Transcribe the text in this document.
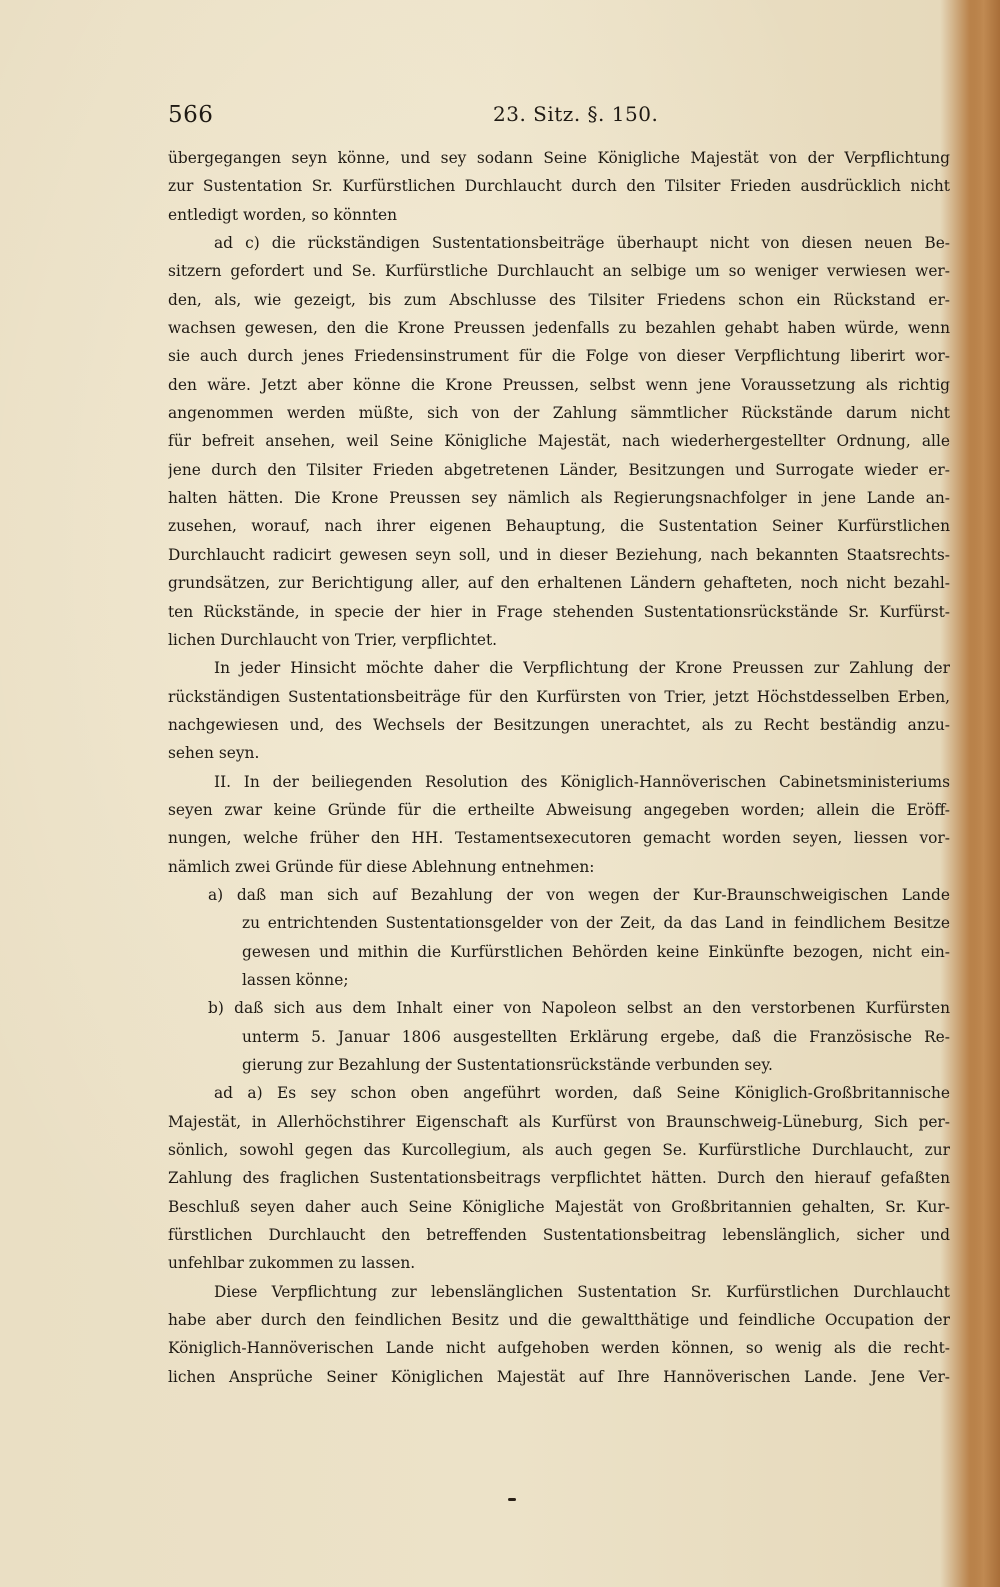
566	23. Sitz. §. 150.
übergegangen seyn könne, und sey sodann Seine Königliche Majestät von der Verpflichtung
zur Sustentation Sr. Kurfürstlichen Durchlaucht durch den Tilsiter Frieden ausdrücklich nicht
entledigt worden, so könnten
ad c) die rückständigen Sustentationsbeiträge überhaupt nicht von diesen neuen Be-
sitzern gefordert und Se. Kurfürstliche Durchlaucht an selbige um so weniger verwiesen wer-
den, als, wie gezeigt, bis zum Abschlusse des Tilsiter Friedens schon ein Rückstand er-
wachsen gewesen, den die Krone Preussen jedenfalls zu bezahlen gehabt haben würde, wenn
sie auch durch jenes Friedensinstrument für die Folge von dieser Verpflichtung liberirt wor-
den wäre. Jetzt aber könne die Krone Preussen, selbst wenn jene Voraussetzung als richtig
angenommen werden müßte, sich von der Zahlung sämmtlicher Rückstände darum nicht
für befreit ansehen, weil Seine Königliche Majestät, nach wiederhergestellter Ordnung, alle
jene durch den Tilsiter Frieden abgetretenen Länder, Besitzungen und Surrogate wieder er-
halten hätten. Die Krone Preussen sey nämlich als Regierungsnachfolger in jene Lande an-
zusehen, worauf, nach ihrer eigenen Behauptung, die Sustentation Seiner Kurfürstlichen
Durchlaucht radicirt gewesen seyn soll, und in dieser Beziehung, nach bekannten Staatsrechts-
grundsätzen, zur Berichtigung aller, auf den erhaltenen Ländern gehafteten, noch nicht bezahl-
ten Rückstände, in specie der hier in Frage stehenden Sustentationsrückstände Sr. Kurfürst-
lichen Durchlaucht von Trier, verpflichtet.
In jeder Hinsicht möchte daher die Verpflichtung der Krone Preussen zur Zahlung der
rückständigen Sustentationsbeiträge für den Kurfürsten von Trier, jetzt Höchstdesselben Erben,
nachgewiesen und, des Wechsels der Besitzungen unerachtet, als zu Recht beständig anzu-
sehen seyn.
II. In der beiliegenden Resolution des Königlich-Hannöverischen Cabinetsministeriums
seyen zwar keine Gründe für die ertheilte Abweisung angegeben worden; allein die Eröff-
nungen, welche früher den HH. Testamentsexecutoren gemacht worden seyen, liessen vor-
nämlich zwei Gründe für diese Ablehnung entnehmen:
a) daß man sich auf Bezahlung der von wegen der Kur-Braunschweigischen Lande
zu entrichtenden Sustentationsgelder von der Zeit, da das Land in feindlichem Besitze
gewesen und mithin die Kurfürstlichen Behörden keine Einkünfte bezogen, nicht ein-
lassen könne;
b) daß sich aus dem Inhalt einer von Napoleon selbst an den verstorbenen Kurfürsten
unterm 5. Januar 1806 ausgestellten Erklärung ergebe, daß die Französische Re-
gierung zur Bezahlung der Sustentationsrückstände verbunden sey.
ad a) Es sey schon oben angeführt worden, daß Seine Königlich-Großbritannische
Majestät, in Allerhöchstihrer Eigenschaft als Kurfürst von Braunschweig-Lüneburg, Sich per-
sönlich, sowohl gegen das Kurcollegium, als auch gegen Se. Kurfürstliche Durchlaucht, zur
Zahlung des fraglichen Sustentationsbeitrags verpflichtet hätten. Durch den hierauf gefaßten
Beschluß seyen daher auch Seine Königliche Majestät von Großbritannien gehalten, Sr. Kur-
fürstlichen Durchlaucht den betreffenden Sustentationsbeitrag lebenslänglich, sicher und
unfehlbar zukommen zu lassen.
Diese Verpflichtung zur lebenslänglichen Sustentation Sr. Kurfürstlichen Durchlaucht
habe aber durch den feindlichen Besitz und die gewaltthätige und feindliche Occupation der
Königlich-Hannöverischen Lande nicht aufgehoben werden können, so wenig als die recht-
lichen Ansprüche Seiner Königlichen Majestät auf Ihre Hannöverischen Lande. Jene Ver-
